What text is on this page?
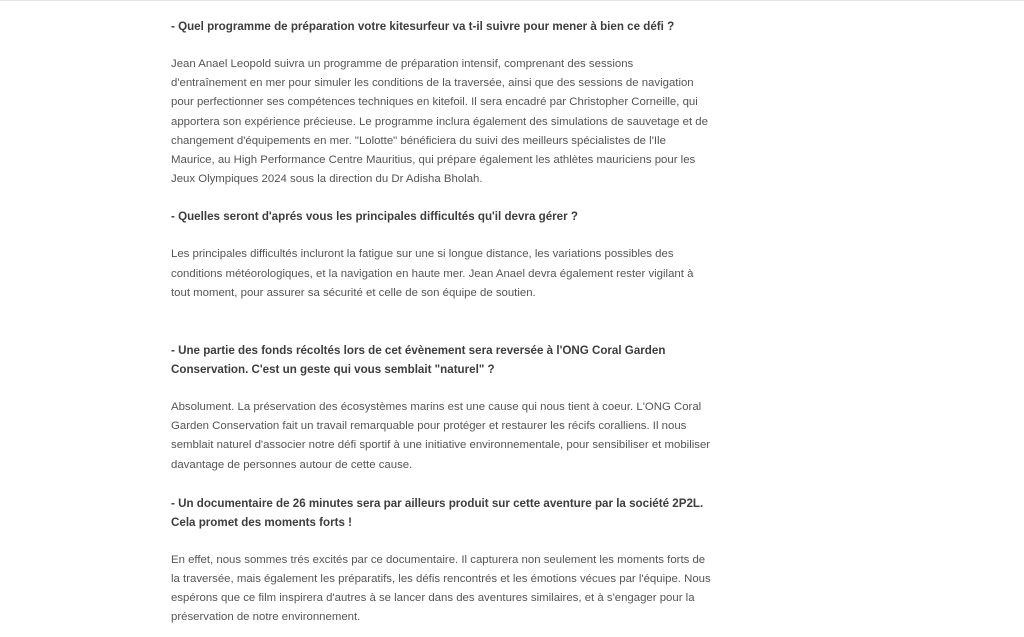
- Quel programme de préparation votre kitesurfeur va t-il suivre pour mener à bien ce défi ?

Jean Anael Leopold suivra un programme de préparation intensif, comprenant des sessions d'entraînement en mer pour simuler les conditions de la traversée, ainsi que des sessions de navigation pour perfectionner ses compétences techniques en kitefoil. Il sera encadré par Christopher Corneille, qui apportera son expérience précieuse. Le programme inclura également des simulations de sauvetage et de changement d'équipements en mer. "Lolotte" bénéficiera du suivi des meilleurs spécialistes de l'Ile Maurice, au High Performance Centre Mauritius, qui prépare également les athlètes mauriciens pour les Jeux Olympiques 2024 sous la direction du Dr Adisha Bholah.

- Quelles seront d'aprés vous les principales difficultés qu'il devra gérer ?

Les principales difficultés incluront la fatigue sur une si longue distance, les variations possibles des conditions météorologiques, et la navigation en haute mer. Jean Anael devra également rester vigilant à tout moment, pour assurer sa sécurité et celle de son équipe de soutien.

- Une partie des fonds récoltés lors de cet évènement sera reversée à l'ONG Coral Garden Conservation. C'est un geste qui vous semblait "naturel" ?

Absolument. La préservation des écosystèmes marins est une cause qui nous tient à coeur. L'ONG Coral Garden Conservation fait un travail remarquable pour protéger et restaurer les récifs coralliens. Il nous semblait naturel d'associer notre défi sportif à une initiative environnementale, pour sensibiliser et mobiliser davantage de personnes autour de cette cause.

- Un documentaire de 26 minutes sera par ailleurs produit sur cette aventure par la société 2P2L. Cela promet des moments forts !

En effet, nous sommes trés excités par ce documentaire. Il capturera non seulement les moments forts de la traversée, mais également les préparatifs, les défis rencontrés et les émotions vécues par l'équipe. Nous espérons que ce film inspirera d'autres à se lancer dans des aventures similaires, et à s'engager pour la préservation de notre environnement.
